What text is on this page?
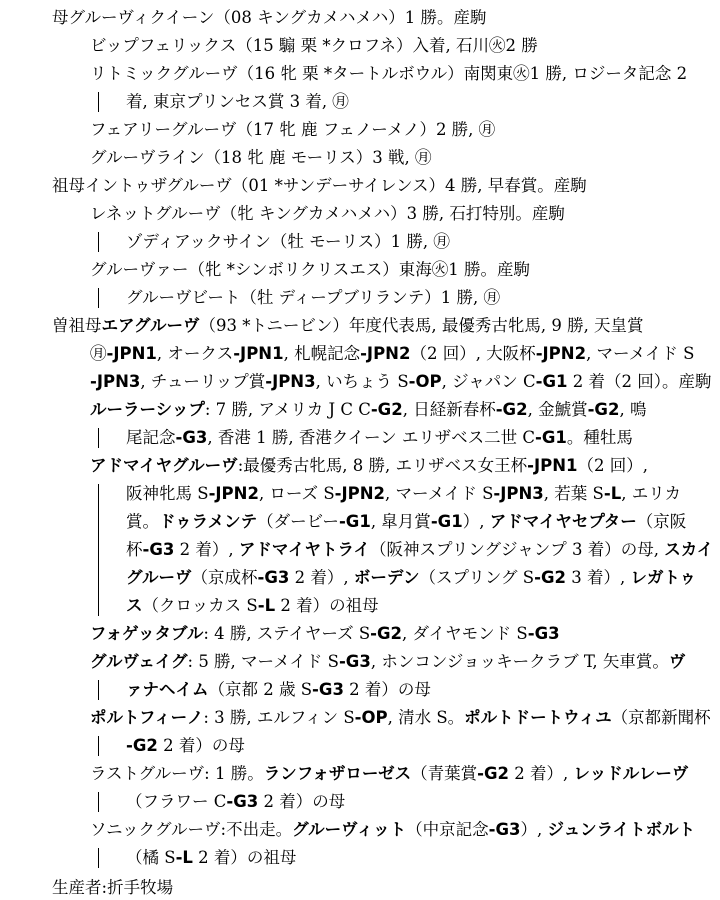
母グルーヴィクイーン（08 キングカメハメハ）1 勝。産駒
ビップフェリックス（15 騸 栗 *クロフネ）入着, 石川㊋2 勝
リトミックグルーヴ（16 牝 栗 *タートルボウル）南関東㊋1 勝, ロジータ記念 2
着, 東京プリンセス賞 3 着, ㊊
フェアリーグルーヴ（17 牝 鹿 フェノーメノ）2 勝, ㊊
グルーヴライン（18 牝 鹿 モーリス）3 戦, ㊊
祖母イントゥザグルーヴ（01 *サンデーサイレンス）4 勝, 早春賞。産駒
レネットグルーヴ（牝 キングカメハメハ）3 勝, 石打特別。産駒
ゾディアックサイン（牡 モーリス）1 勝, ㊊
グルーヴァー（牝 *シンボリクリスエス）東海㊋1 勝。産駒
グルーヴビート（牡 ディープブリランテ）1 勝, ㊊
曽祖母エアグルーヴ（93 *トニービン）年度代表馬, 最優秀古牝馬, 9 勝, 天皇賞
㊊-JPN1, オークス-JPN1, 札幌記念-JPN2（2 回）, 大阪杯-JPN2, マーメイド S
-JPN3, チューリップ賞-JPN3, いちょう S-OP, ジャパン C-G1 2 着（2 回）。産駒
ルーラーシップ: 7 勝, アメリカ J C C-G2, 日経新春杯-G2, 金鯱賞-G2, 鳴
尾記念-G3, 香港 1 勝, 香港クイーン エリザベス二世 C-G1。種牡馬
アドマイヤグルーヴ:最優秀古牝馬, 8 勝, エリザベス女王杯-JPN1（2 回）,
阪神牝馬 S-JPN2, ローズ S-JPN2, マーメイド S-JPN3, 若葉 S-L, エリカ
賞。ドゥラメンテ（ダービー-G1, 皐月賞-G1）, アドマイヤセプター（京阪
杯-G3 2 着）, アドマイヤトライ（阪神スプリングジャンプ 3 着）の母, スカイ
グルーヴ（京成杯-G3 2 着）, ボーデン（スプリング S-G2 3 着）, レガトゥ
ス（クロッカス S-L 2 着）の祖母
フォゲッタブル: 4 勝, ステイヤーズ S-G2, ダイヤモンド S-G3
グルヴェイグ: 5 勝, マーメイド S-G3, ホンコンジョッキークラブ T, 矢車賞。ヴ
ァナヘイム（京都 2 歳 S-G3 2 着）の母
ポルトフィーノ: 3 勝, エルフィン S-OP, 清水 S。ポルトドートウィユ（京都新聞杯
-G2 2 着）の母
ラストグルーヴ: 1 勝。ランフォザローゼス（青葉賞-G2 2 着）, レッドルレーヴ
（フラワー C-G3 2 着）の母
ソニックグルーヴ:不出走。グルーヴィット（中京記念-G3）, ジュンライトボルト
（橘 S-L 2 着）の祖母
生産者:折手牧場
